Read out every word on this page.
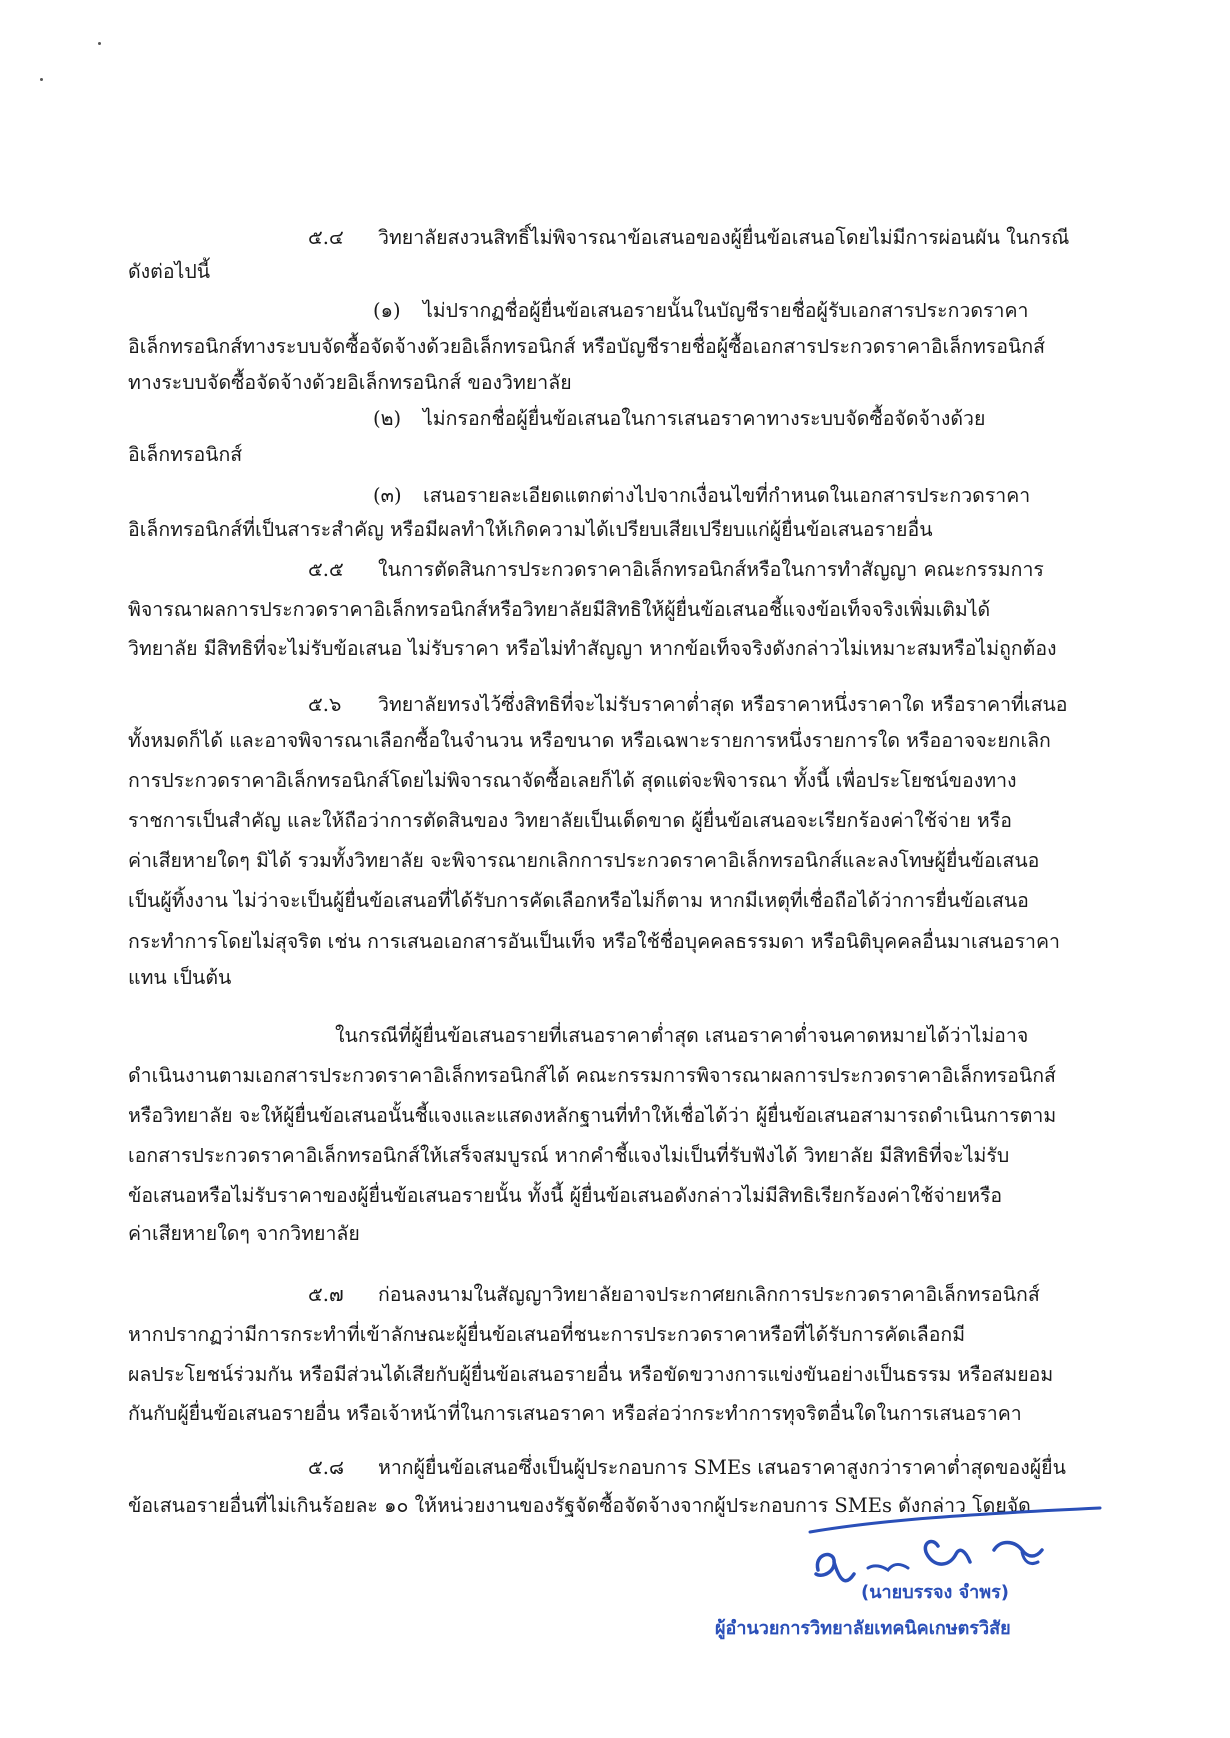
๕.๔ วิทยาลัยสงวนสิทธิ์ไม่พิจารณาข้อเสนอของผู้ยื่นข้อเสนอโดยไม่มีการผ่อนผัน ในกรณี
ดังต่อไปนี้
(๑) ไม่ปรากฏชื่อผู้ยื่นข้อเสนอรายนั้นในบัญชีรายชื่อผู้รับเอกสารประกวดราคา
อิเล็กทรอนิกส์ทางระบบจัดซื้อจัดจ้างด้วยอิเล็กทรอนิกส์ หรือบัญชีรายชื่อผู้ซื้อเอกสารประกวดราคาอิเล็กทรอนิกส์
ทางระบบจัดซื้อจัดจ้างด้วยอิเล็กทรอนิกส์ ของวิทยาลัย
(๒) ไม่กรอกชื่อผู้ยื่นข้อเสนอในการเสนอราคาทางระบบจัดซื้อจัดจ้างด้วย
อิเล็กทรอนิกส์
(๓) เสนอรายละเอียดแตกต่างไปจากเงื่อนไขที่กำหนดในเอกสารประกวดราคา
อิเล็กทรอนิกส์ที่เป็นสาระสำคัญ หรือมีผลทำให้เกิดความได้เปรียบเสียเปรียบแก่ผู้ยื่นข้อเสนอรายอื่น
๕.๕ ในการตัดสินการประกวดราคาอิเล็กทรอนิกส์หรือในการทำสัญญา คณะกรรมการ
พิจารณาผลการประกวดราคาอิเล็กทรอนิกส์หรือวิทยาลัยมีสิทธิให้ผู้ยื่นข้อเสนอชี้แจงข้อเท็จจริงเพิ่มเติมได้
วิทยาลัย มีสิทธิที่จะไม่รับข้อเสนอ ไม่รับราคา หรือไม่ทำสัญญา หากข้อเท็จจริงดังกล่าวไม่เหมาะสมหรือไม่ถูกต้อง
๕.๖ วิทยาลัยทรงไว้ซึ่งสิทธิที่จะไม่รับราคาต่ำสุด หรือราคาหนึ่งราคาใด หรือราคาที่เสนอ
ทั้งหมดก็ได้ และอาจพิจารณาเลือกซื้อในจำนวน หรือขนาด หรือเฉพาะรายการหนึ่งรายการใด หรืออาจจะยกเลิก
การประกวดราคาอิเล็กทรอนิกส์โดยไม่พิจารณาจัดซื้อเลยก็ได้ สุดแต่จะพิจารณา ทั้งนี้ เพื่อประโยชน์ของทาง
ราชการเป็นสำคัญ และให้ถือว่าการตัดสินของ วิทยาลัยเป็นเด็ดขาด ผู้ยื่นข้อเสนอจะเรียกร้องค่าใช้จ่าย หรือ
ค่าเสียหายใดๆ มิได้ รวมทั้งวิทยาลัย จะพิจารณายกเลิกการประกวดราคาอิเล็กทรอนิกส์และลงโทษผู้ยื่นข้อเสนอ
เป็นผู้ทิ้งงาน ไม่ว่าจะเป็นผู้ยื่นข้อเสนอที่ได้รับการคัดเลือกหรือไม่ก็ตาม หากมีเหตุที่เชื่อถือได้ว่าการยื่นข้อเสนอ
กระทำการโดยไม่สุจริต เช่น การเสนอเอกสารอันเป็นเท็จ หรือใช้ชื่อบุคคลธรรมดา หรือนิติบุคคลอื่นมาเสนอราคา
แทน เป็นต้น
ในกรณีที่ผู้ยื่นข้อเสนอรายที่เสนอราคาต่ำสุด เสนอราคาต่ำจนคาดหมายได้ว่าไม่อาจ
ดำเนินงานตามเอกสารประกวดราคาอิเล็กทรอนิกส์ได้ คณะกรรมการพิจารณาผลการประกวดราคาอิเล็กทรอนิกส์
หรือวิทยาลัย จะให้ผู้ยื่นข้อเสนอนั้นชี้แจงและแสดงหลักฐานที่ทำให้เชื่อได้ว่า ผู้ยื่นข้อเสนอสามารถดำเนินการตาม
เอกสารประกวดราคาอิเล็กทรอนิกส์ให้เสร็จสมบูรณ์ หากคำชี้แจงไม่เป็นที่รับฟังได้ วิทยาลัย มีสิทธิที่จะไม่รับ
ข้อเสนอหรือไม่รับราคาของผู้ยื่นข้อเสนอรายนั้น ทั้งนี้ ผู้ยื่นข้อเสนอดังกล่าวไม่มีสิทธิเรียกร้องค่าใช้จ่ายหรือ
ค่าเสียหายใดๆ จากวิทยาลัย
๕.๗ ก่อนลงนามในสัญญาวิทยาลัยอาจประกาศยกเลิกการประกวดราคาอิเล็กทรอนิกส์
หากปรากฏว่ามีการกระทำที่เข้าลักษณะผู้ยื่นข้อเสนอที่ชนะการประกวดราคาหรือที่ได้รับการคัดเลือกมี
ผลประโยชน์ร่วมกัน หรือมีส่วนได้เสียกับผู้ยื่นข้อเสนอรายอื่น หรือขัดขวางการแข่งขันอย่างเป็นธรรม หรือสมยอม
กันกับผู้ยื่นข้อเสนอรายอื่น หรือเจ้าหน้าที่ในการเสนอราคา หรือส่อว่ากระทำการทุจริตอื่นใดในการเสนอราคา
๕.๘ หากผู้ยื่นข้อเสนอซึ่งเป็นผู้ประกอบการ SMEs เสนอราคาสูงกว่าราคาต่ำสุดของผู้ยื่น
ข้อเสนอรายอื่นที่ไม่เกินร้อยละ ๑๐ ให้หน่วยงานของรัฐจัดซื้อจัดจ้างจากผู้ประกอบการ SMEs ดังกล่าว โดยจัด
(นายบรรจง จำพร)
ผู้อำนวยการวิทยาลัยเทคนิคเกษตรวิสัย
